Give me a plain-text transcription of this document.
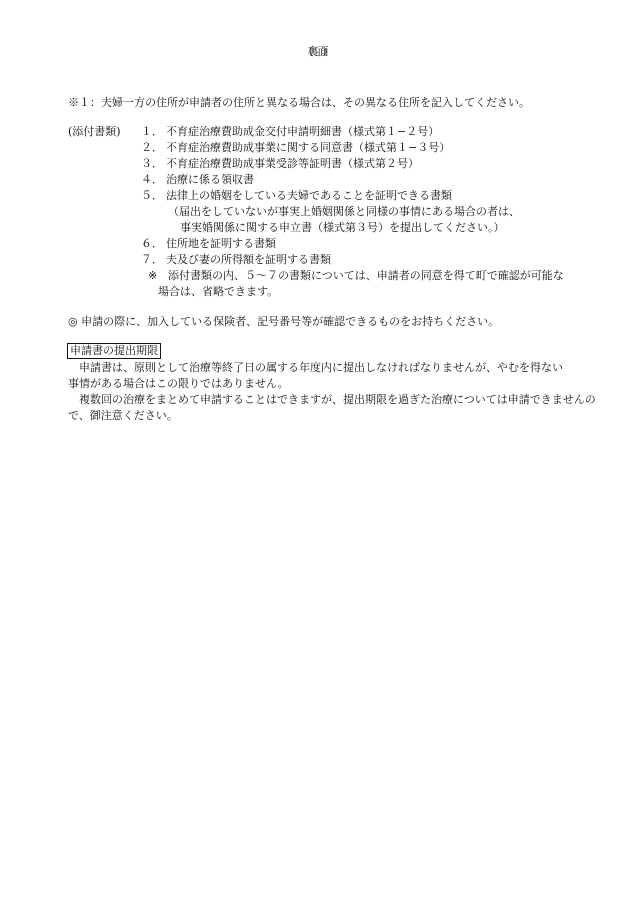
（裏　面）
※１：夫婦一方の住所が申請者の住所と異なる場合は、その異なる住所を記入してください。
(添付書類) １． 不育症治療費助成金交付申請明細書（様式第１−２号）
２． 不育症治療費助成事業に関する同意書（様式第１−３号）
３． 不育症治療費助成事業受診等証明書（様式第２号）
４． 治療に係る領収書
５． 法律上の婚姻をしている夫婦であることを証明できる書類
（届出をしていないが事実上婚姻関係と同様の事情にある場合の者は、
事実婚関係に関する申立書（様式第３号）を提出してください。）
６． 住所地を証明する書類
７． 夫及び妻の所得額を証明する書類
※ 添付書類の内、５〜７の書類については、申請者の同意を得て町で確認が可能な
場合は、省略できます。
◎ 申請の際に、加入している保険者、記号番号等が確認できるものをお持ちください。
申請書の提出期限
　申請書は、原則として治療等終了日の属する年度内に提出しなければなりませんが、やむを得ない
事情がある場合はこの限りではありません。
　複数回の治療をまとめて申請することはできますが、提出期限を過ぎた治療については申請できませんの
で、御注意ください。
